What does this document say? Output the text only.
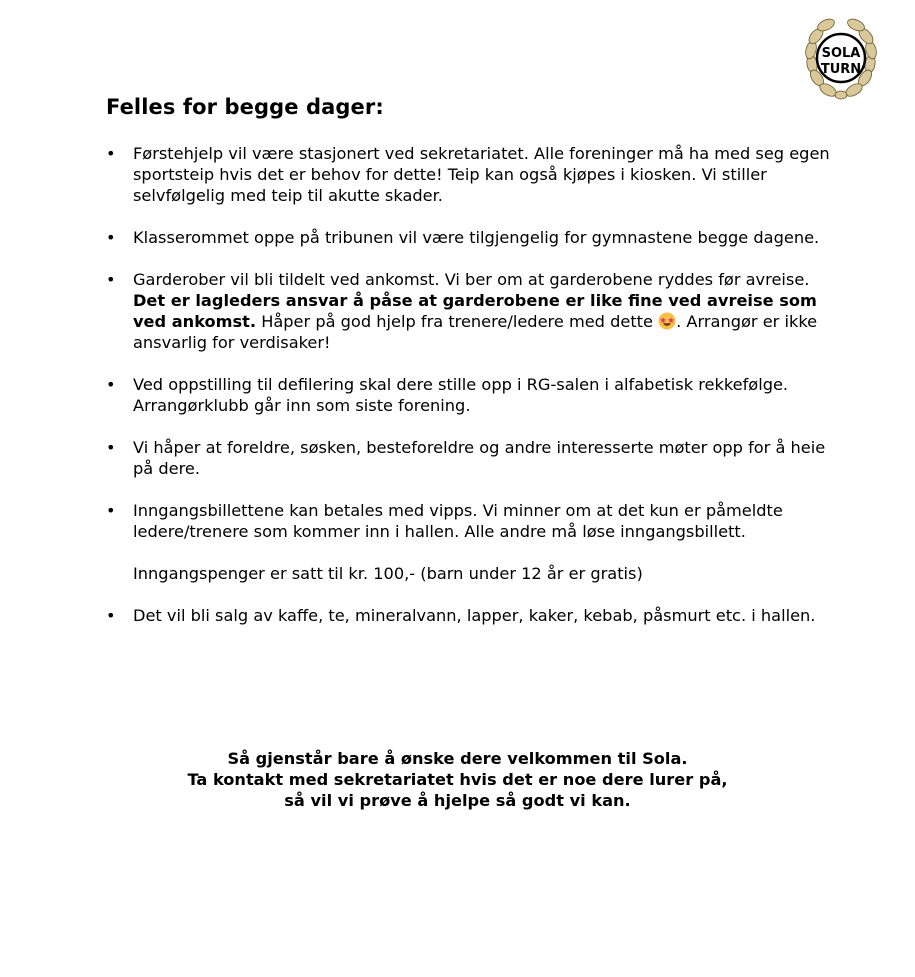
SOLA
TURN
Felles for begge dager:
•	Førstehjelp vil være stasjonert ved sekretariatet. Alle foreninger må ha med seg egen sportsteip hvis det er behov for dette! Teip kan også kjøpes i kiosken. Vi stiller selvfølgelig med teip til akutte skader.

•	Klasserommet oppe på tribunen vil være tilgjengelig for gymnastene begge dagene.

•	Garderober vil bli tildelt ved ankomst. Vi ber om at garderobene ryddes før avreise. Det er lagleders ansvar å påse at garderobene er like fine ved avreise som ved ankomst. Håper på god hjelp fra trenere/ledere med dette . Arrangør er ikke ansvarlig for verdisaker!

•	Ved oppstilling til defilering skal dere stille opp i RG-salen i alfabetisk rekkefølge. Arrangørklubb går inn som siste forening.

•	Vi håper at foreldre, søsken, besteforeldre og andre interesserte møter opp for å heie på dere.

•	Inngangsbillettene kan betales med vipps. Vi minner om at det kun er påmeldte ledere/trenere som kommer inn i hallen. Alle andre må løse inngangsbillett.

Inngangspenger er satt til kr. 100,- (barn under 12 år er gratis)

•	Det vil bli salg av kaffe, te, mineralvann, lapper, kaker, kebab, påsmurt etc. i hallen.

Så gjenstår bare å ønske dere velkommen til Sola.

Ta kontakt med sekretariatet hvis det er noe dere lurer på,

så vil vi prøve å hjelpe så godt vi kan.
